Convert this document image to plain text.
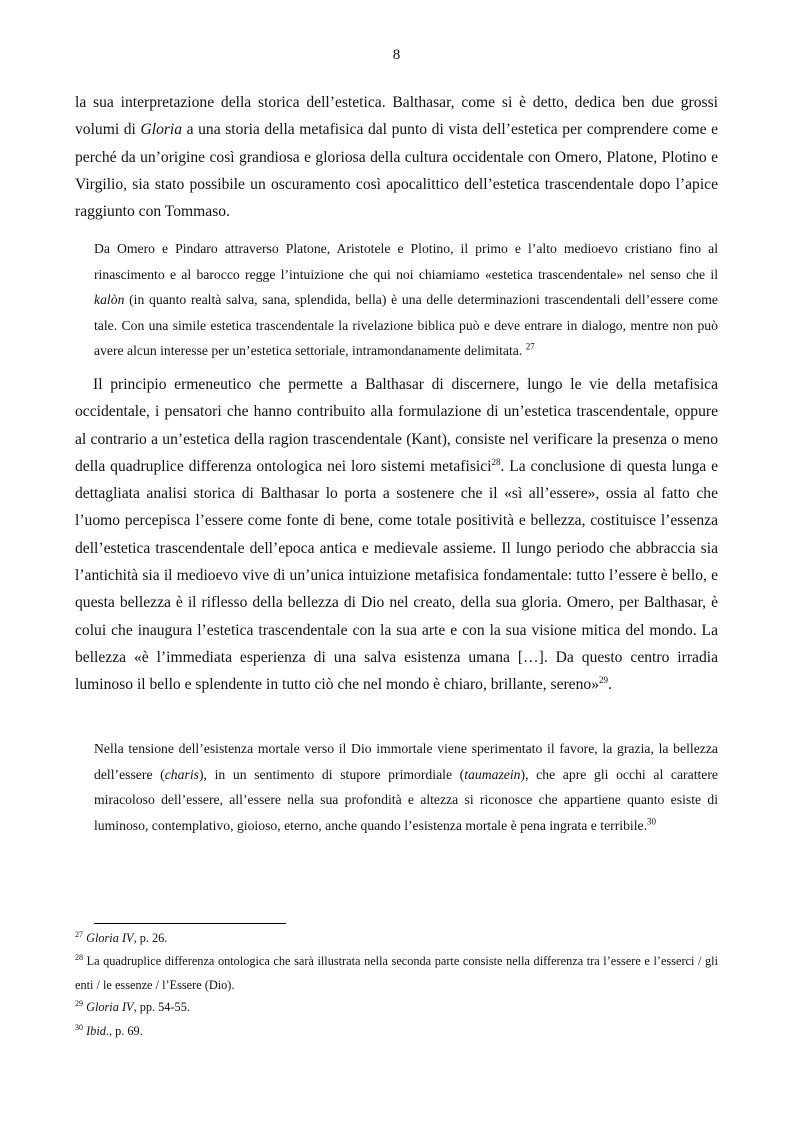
8

la sua interpretazione della storica dell’estetica. Balthasar, come si è detto, dedica ben due grossi volumi di Gloria a una storia della metafisica dal punto di vista dell’estetica per comprendere come e perché da un’origine così grandiosa e gloriosa della cultura occidentale con Omero, Platone, Plotino e Virgilio, sia stato possibile un oscuramento così apocalittico dell’estetica trascendentale dopo l’apice raggiunto con Tommaso.

Da Omero e Pindaro attraverso Platone, Aristotele e Plotino, il primo e l’alto medioevo cristiano fino al rinascimento e al barocco regge l’intuizione che qui noi chiamiamo «estetica trascendentale» nel senso che il kalòn (in quanto realtà salva, sana, splendida, bella) è una delle determinazioni trascendentali dell’essere come tale. Con una simile estetica trascendentale la rivelazione biblica può e deve entrare in dialogo, mentre non può avere alcun interesse per un’estetica settoriale, intramondanamente delimitata. $^{27}$

Il principio ermeneutico che permette a Balthasar di discernere, lungo le vie della metafisica occidentale, i pensatori che hanno contribuito alla formulazione di un’estetica trascendentale, oppure al contrario a un’estetica della ragion trascendentale (Kant), consiste nel verificare la presenza o meno della quadruplice differenza ontologica nei loro sistemi metafisici$^{28}$. La conclusione di questa lunga e dettagliata analisi storica di Balthasar lo porta a sostenere che il «sì all’essere», ossia al fatto che l’uomo percepisca l’essere come fonte di bene, come totale positività e bellezza, costituisce l’essenza dell’estetica trascendentale dell’epoca antica e medievale assieme. Il lungo periodo che abbraccia sia l’antichità sia il medioevo vive di un’unica intuizione metafisica fondamentale: tutto l’essere è bello, e questa bellezza è il riflesso della bellezza di Dio nel creato, della sua gloria. Omero, per Balthasar, è colui che inaugura l’estetica trascendentale con la sua arte e con la sua visione mitica del mondo. La bellezza «è l’immediata esperienza di una salva esistenza umana […]. Da questo centro irradia luminoso il bello e splendente in tutto ciò che nel mondo è chiaro, brillante, sereno»$^{29}$.

Nella tensione dell’esistenza mortale verso il Dio immortale viene sperimentato il favore, la grazia, la bellezza dell’essere (charis), in un sentimento di stupore primordiale (taumazein), che apre gli occhi al carattere miracoloso dell’essere, all’essere nella sua profondità e altezza si riconosce che appartiene quanto esiste di luminoso, contemplativo, gioioso, eterno, anche quando l’esistenza mortale è pena ingrata e terribile.$^{30}$

$^{27}$ Gloria IV, p. 26.

$^{28}$ La quadruplice differenza ontologica che sarà illustrata nella seconda parte consiste nella differenza tra l’essere e l’esserci / gli enti / le essenze / l’Essere (Dio).

$^{29}$ Gloria IV, pp. 54-55.

$^{30}$ Ibid., p. 69.
